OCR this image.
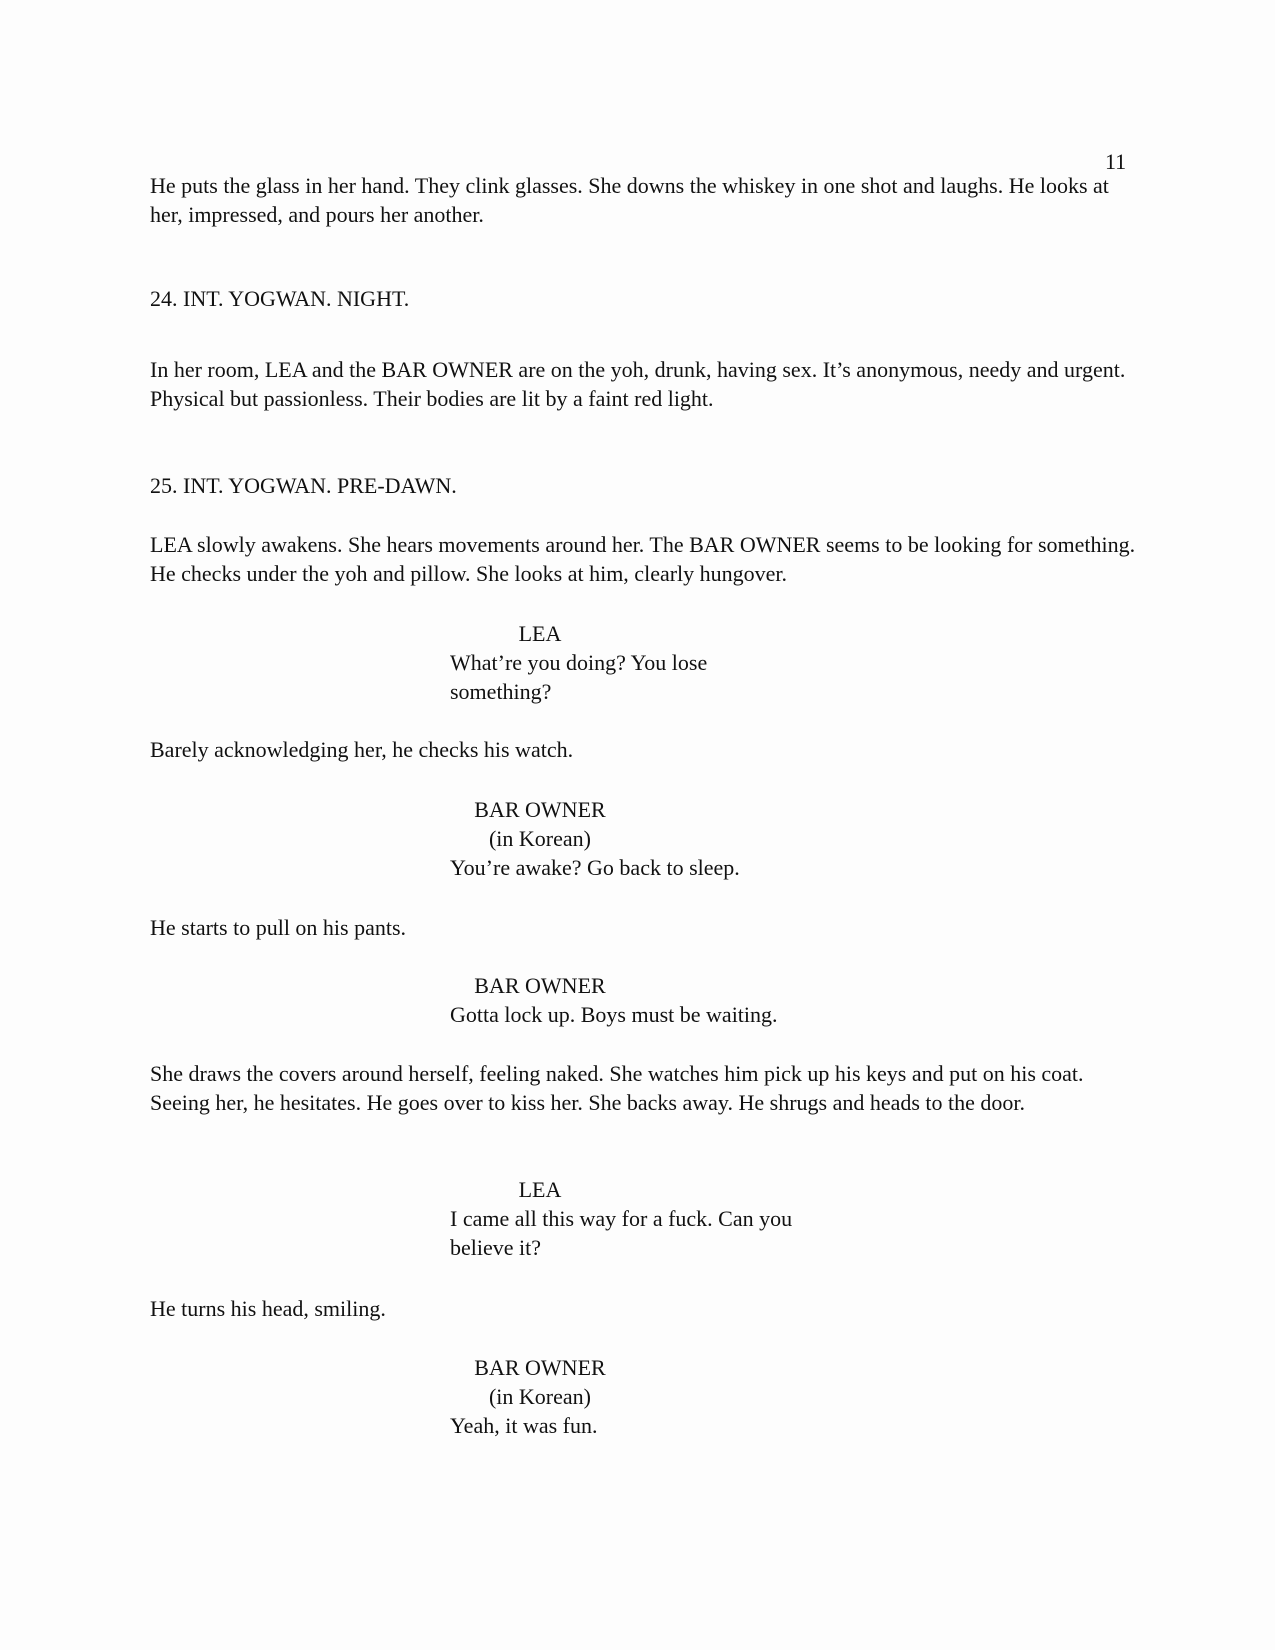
11

He puts the glass in her hand. They clink glasses. She downs the whiskey in one shot and laughs. He looks at her, impressed, and pours her another.

24. INT. YOGWAN. NIGHT.

In her room, LEA and the BAR OWNER are on the yoh, drunk, having sex. It’s anonymous, needy and urgent. Physical but passionless. Their bodies are lit by a faint red light.

25. INT. YOGWAN. PRE-DAWN.

LEA slowly awakens. She hears movements around her. The BAR OWNER seems to be looking for something. He checks under the yoh and pillow. She looks at him, clearly hungover.

LEA

What’re you doing? You lose something?

Barely acknowledging her, he checks his watch.

BAR OWNER

(in Korean)

You’re awake? Go back to sleep.

He starts to pull on his pants.

BAR OWNER

Gotta lock up. Boys must be waiting.

She draws the covers around herself, feeling naked. She watches him pick up his keys and put on his coat. Seeing her, he hesitates. He goes over to kiss her. She backs away. He shrugs and heads to the door.

LEA

I came all this way for a fuck. Can you believe it?

He turns his head, smiling.

BAR OWNER

(in Korean)

Yeah, it was fun.
